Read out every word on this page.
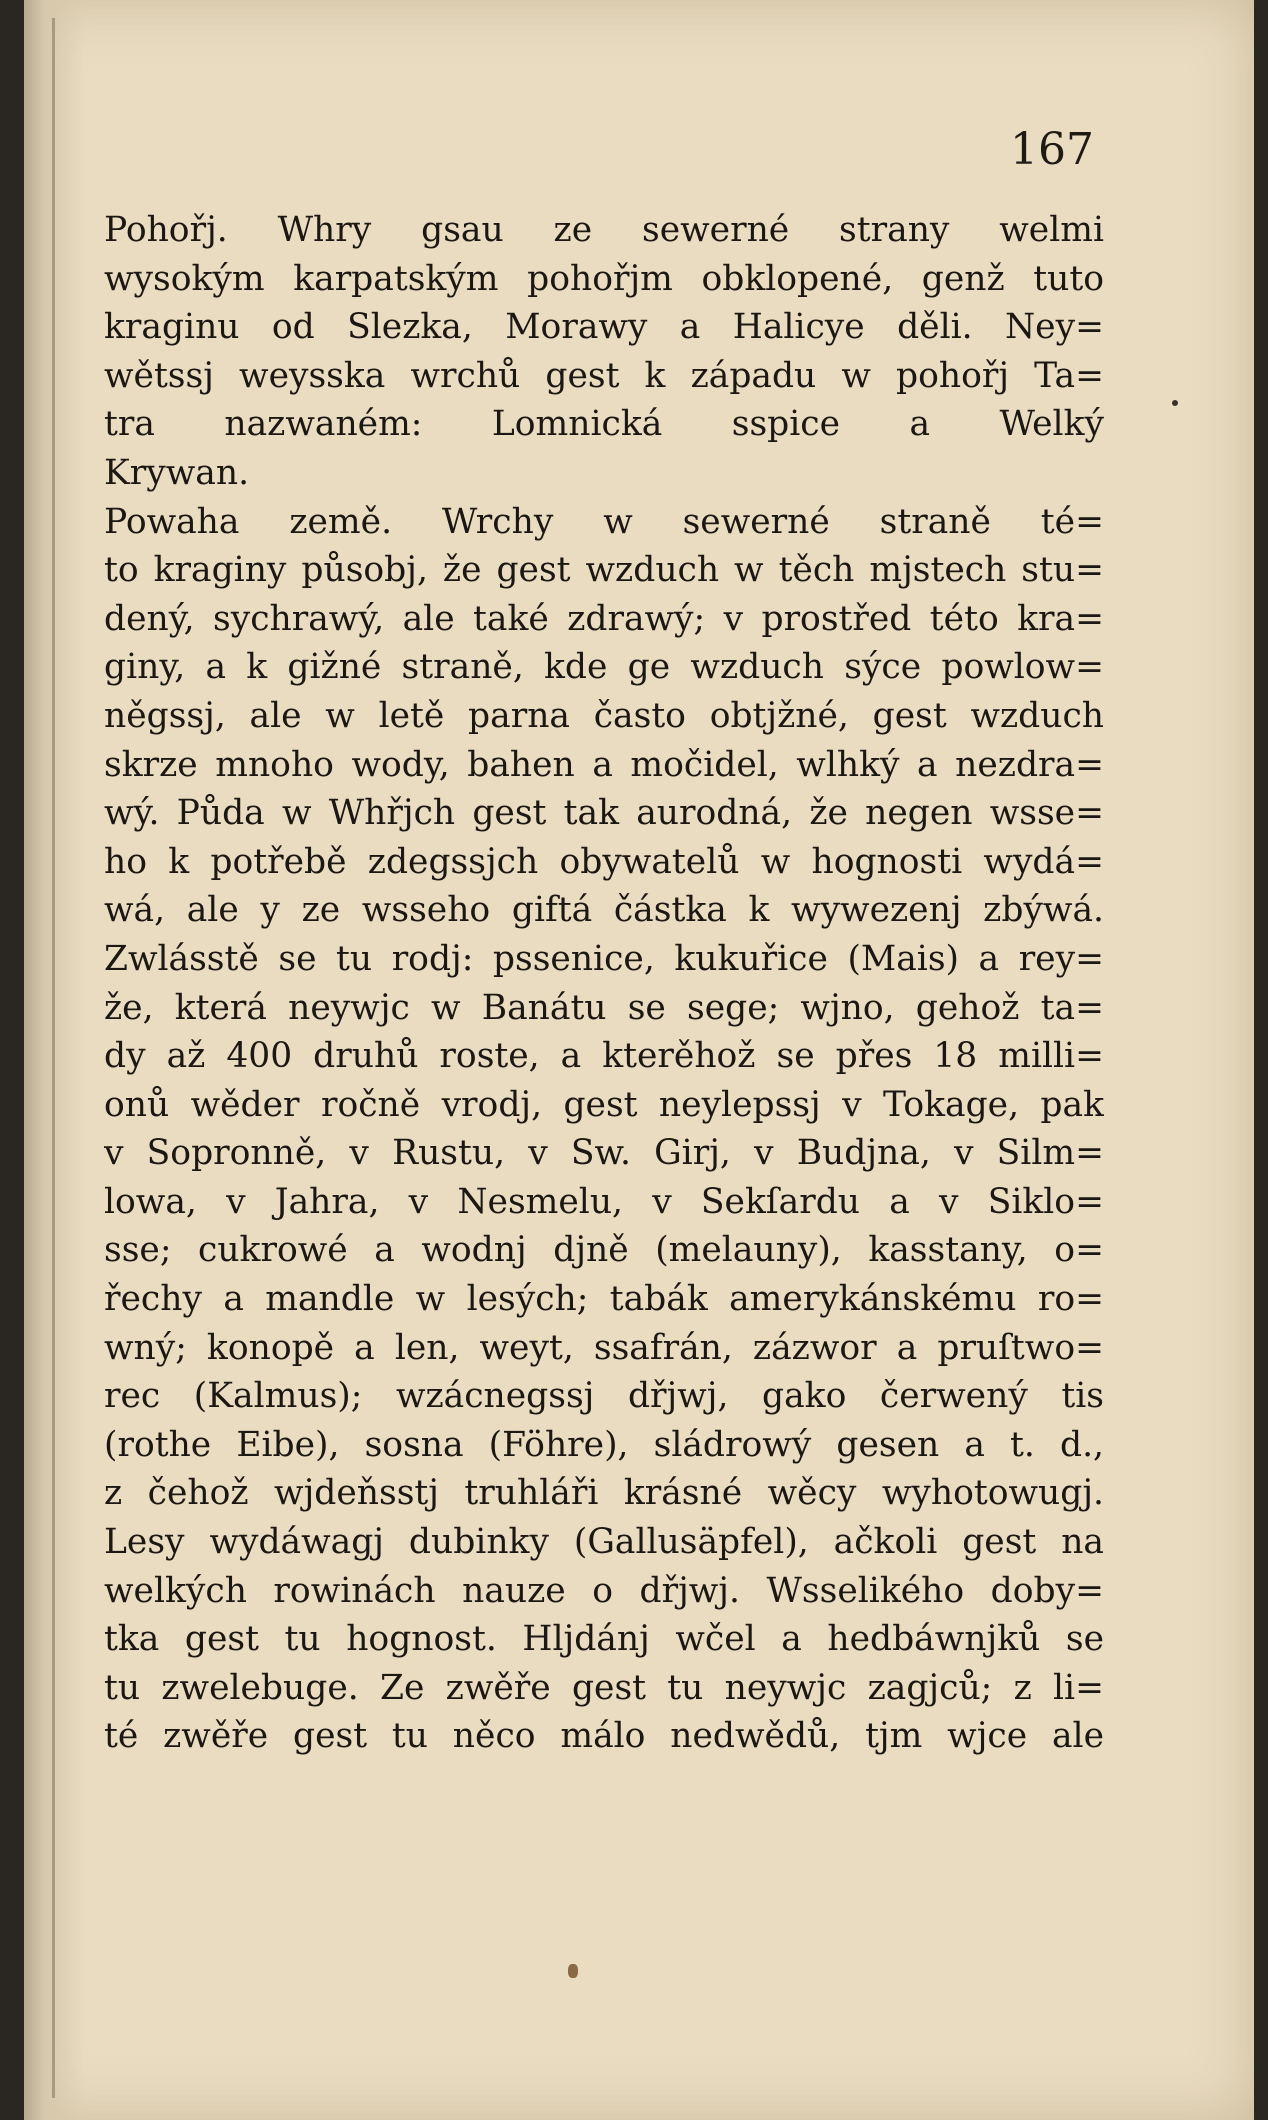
167

Pohořj. Whry gsau ze sewerné strany welmi
wysokým karpatským pohořjm obklopené, genž tuto
kraginu od Slezka, Morawy a Halicye děli. Ney=
wětssj weysska wrchů gest k západu w pohořj Ta=
tra nazwaném: Lomnická sspice a Welký
Krywan.
Powaha země. Wrchy w sewerné straně té=
to kraginy působj, že gest wzduch w těch mjstech stu=
dený, sychrawý, ale také zdrawý; v prostřed této kra=
giny, a k gižné straně, kde ge wzduch sýce powlow=
něgssj, ale w letě parna často obtjžné, gest wzduch
skrze mnoho wody, bahen a močidel, wlhký a nezdra=
wý. Půda w Whřjch gest tak aurodná, že negen wsse=
ho k potřebě zdegssjch obywatelů w hognosti wydá=
wá, ale y ze wsseho giftá částka k wywezenj zbýwá.
Zwlásstě se tu rodj: pssenice, kukuřice (Mais) a rey=
že, která neywjc w Banátu se sege; wjno, gehož ta=
dy až 400 druhů roste, a kterěhož se přes 18 milli=
onů wěder ročně vrodj, gest neylepssj v Tokage, pak
v Sopronně, v Rustu, v Sw. Girj, v Budjna, v Silm=
lowa, v Jahra, v Nesmelu, v Sekſardu a v Siklo=
sse; cukrowé a wodnj djně (melauny), kasstany, o=
řechy a mandle w lesých; tabák amerykánskému ro=
wný; konopě a len, weyt, ssafrán, zázwor a pruſtwo=
rec (Kalmus); wzácnegssj dřjwj, gako čerwený tis
(rothe Eibe), sosna (Föhre), sládrowý gesen a t. d.,
z čehož wjdeňsstj truhláři krásné wěcy wyhotowugj.
Lesy wydáwagj dubinky (Gallusäpfel), ačkoli gest na
welkých rowinách nauze o dřjwj. Wsselikého doby=
tka gest tu hognost. Hljdánj wčel a hedbáwnjků se
tu zwelebuge. Ze zwěře gest tu neywjc zagjců; z li=
té zwěře gest tu něco málo nedwědů, tjm wjce ale
